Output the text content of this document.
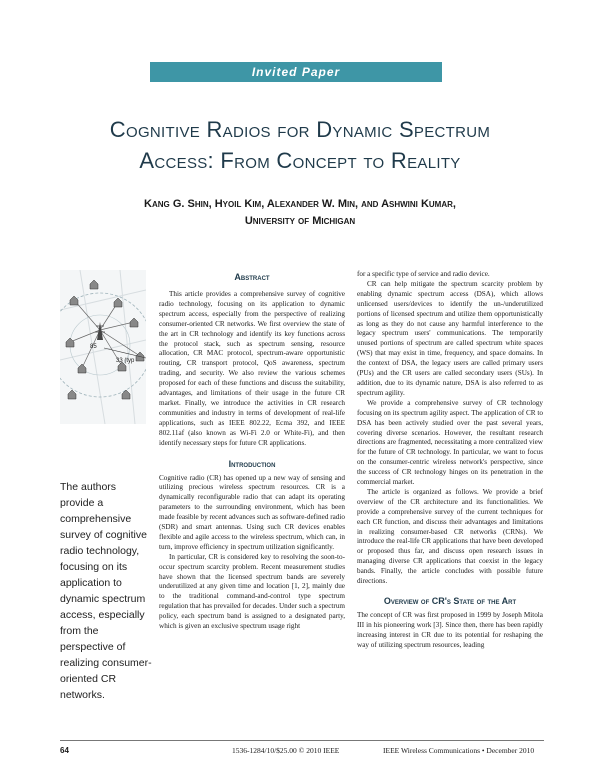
Invited Paper
Cognitive Radios for Dynamic Spectrum
Access: From Concept to Reality
Kang G. Shin, Hyoil Kim, Alexander W. Min, and Ashwini Kumar,
University of Michigan
85
33 (typ
The authors provide a comprehensive survey of cognitive radio technology, focusing on its application to dynamic spectrum access, especially from the perspective of realizing consumer-oriented CR networks.
Abstract

This article provides a comprehensive survey of cognitive radio technology, focusing on its application to dynamic spectrum access, especially from the perspective of realizing consumer-oriented CR networks. We first overview the state of the art in CR technology and identify its key functions across the protocol stack, such as spectrum sensing, resource allocation, CR MAC protocol, spectrum-aware opportunistic routing, CR transport protocol, QoS awareness, spectrum trading, and security. We also review the various schemes proposed for each of these functions and discuss the suitability, advantages, and limitations of their usage in the future CR market. Finally, we introduce the activities in CR research communities and industry in terms of development of real-life applications, such as IEEE 802.22, Ecma 392, and IEEE 802.11af (also known as Wi-Fi 2.0 or White-Fi), and then identify necessary steps for future CR applications.

Introduction

Cognitive radio (CR) has opened up a new way of sensing and utilizing precious wireless spectrum resources. CR is a dynamically reconfigurable radio that can adapt its operating parameters to the surrounding environment, which has been made feasible by recent advances such as software-defined radio (SDR) and smart antennas. Using such CR devices enables flexible and agile access to the wireless spectrum, which can, in turn, improve efficiency in spectrum utilization significantly.

In particular, CR is considered key to resolving the soon-to-occur spectrum scarcity problem. Recent measurement studies have shown that the licensed spectrum bands are severely underutilized at any given time and location [1, 2], mainly due to the traditional command-and-control type spectrum regulation that has prevailed for decades. Under such a spectrum policy, each spectrum band is assigned to a designated party, which is given an exclusive spectrum usage right

for a specific type of service and radio device.

CR can help mitigate the spectrum scarcity problem by enabling dynamic spectrum access (DSA), which allows unlicensed users/devices to identify the un-/underutilized portions of licensed spectrum and utilize them opportunistically as long as they do not cause any harmful interference to the legacy spectrum users' communications. The temporarily unused portions of spectrum are called spectrum white spaces (WS) that may exist in time, frequency, and space domains. In the context of DSA, the legacy users are called primary users (PUs) and the CR users are called secondary users (SUs). In addition, due to its dynamic nature, DSA is also referred to as spectrum agility.

We provide a comprehensive survey of CR technology focusing on its spectrum agility aspect. The application of CR to DSA has been actively studied over the past several years, covering diverse scenarios. However, the resultant research directions are fragmented, necessitating a more centralized view for the future of CR technology. In particular, we want to focus on the consumer-centric wireless network's perspective, since the success of CR technology hinges on its penetration in the commercial market.

The article is organized as follows. We provide a brief overview of the CR architecture and its functionalities. We provide a comprehensive survey of the current techniques for each CR function, and discuss their advantages and limitations in realizing consumer-based CR networks (CRNs). We introduce the real-life CR applications that have been developed or proposed thus far, and discuss open research issues in managing diverse CR applications that coexist in the legacy bands. Finally, the article concludes with possible future directions.

Overview of CR's State of the Art

The concept of CR was first proposed in 1999 by Joseph Mitola III in his pioneering work [3]. Since then, there has been rapidly increasing interest in CR due to its potential for reshaping the way of utilizing spectrum resources, leading

64	1536-1284/10/$25.00 © 2010 IEEE	IEEE Wireless Communications • December 2010
